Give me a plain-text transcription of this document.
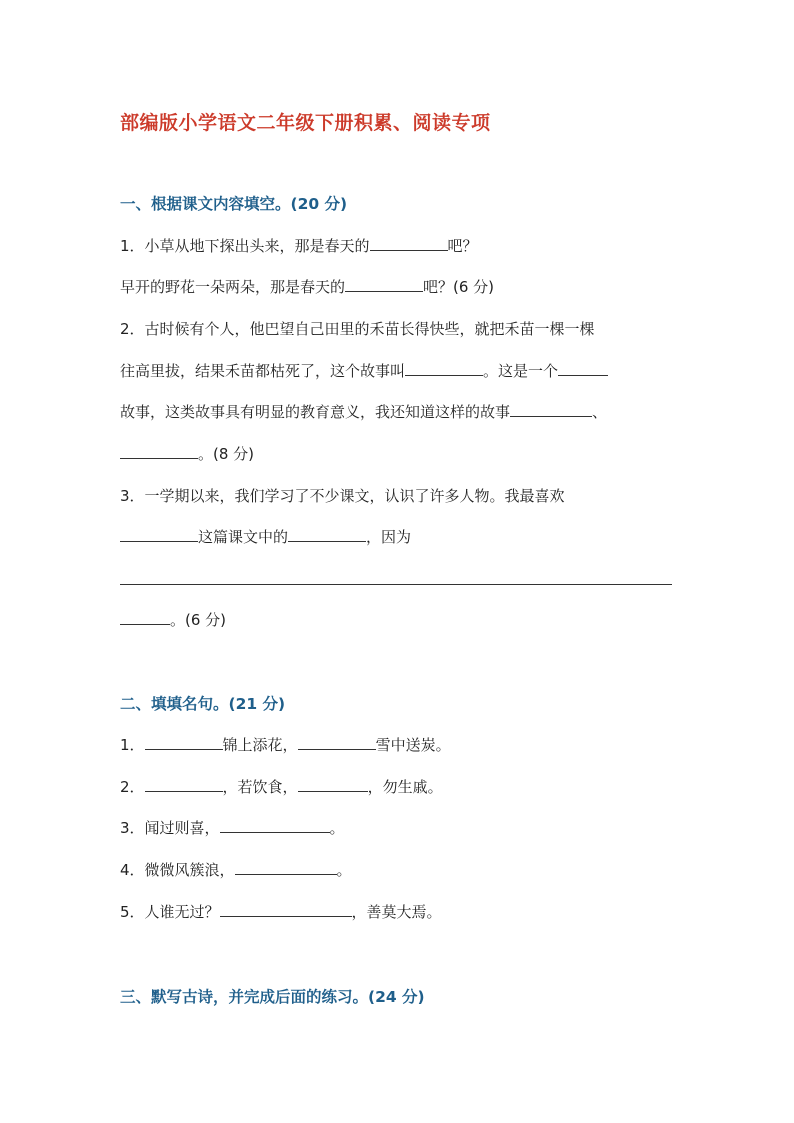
部编版小学语文二年级下册积累、阅读专项
一、根据课文内容填空。(20 分)
1．小草从地下探出头来，那是春天的	吧？
早开的野花一朵两朵，那是春天的	吧？(6 分)
2．古时候有个人，他巴望自己田里的禾苗长得快些，就把禾苗一棵一棵
往高里拔，结果禾苗都枯死了，这个故事叫	。这是一个
故事，这类故事具有明显的教育意义，我还知道这样的故事	、
。(8 分)
3．一学期以来，我们学习了不少课文，认识了许多人物。我最喜欢
这篇课文中的	，因为
。(6 分)
二、填填名句。(21 分)
1．	锦上添花，	雪中送炭。
2．	，若饮食，	，勿生戚。
3．闻过则喜，	。
4．微微风簇浪，	。
5．人谁无过？	，善莫大焉。
三、默写古诗，并完成后面的练习。(24 分)
